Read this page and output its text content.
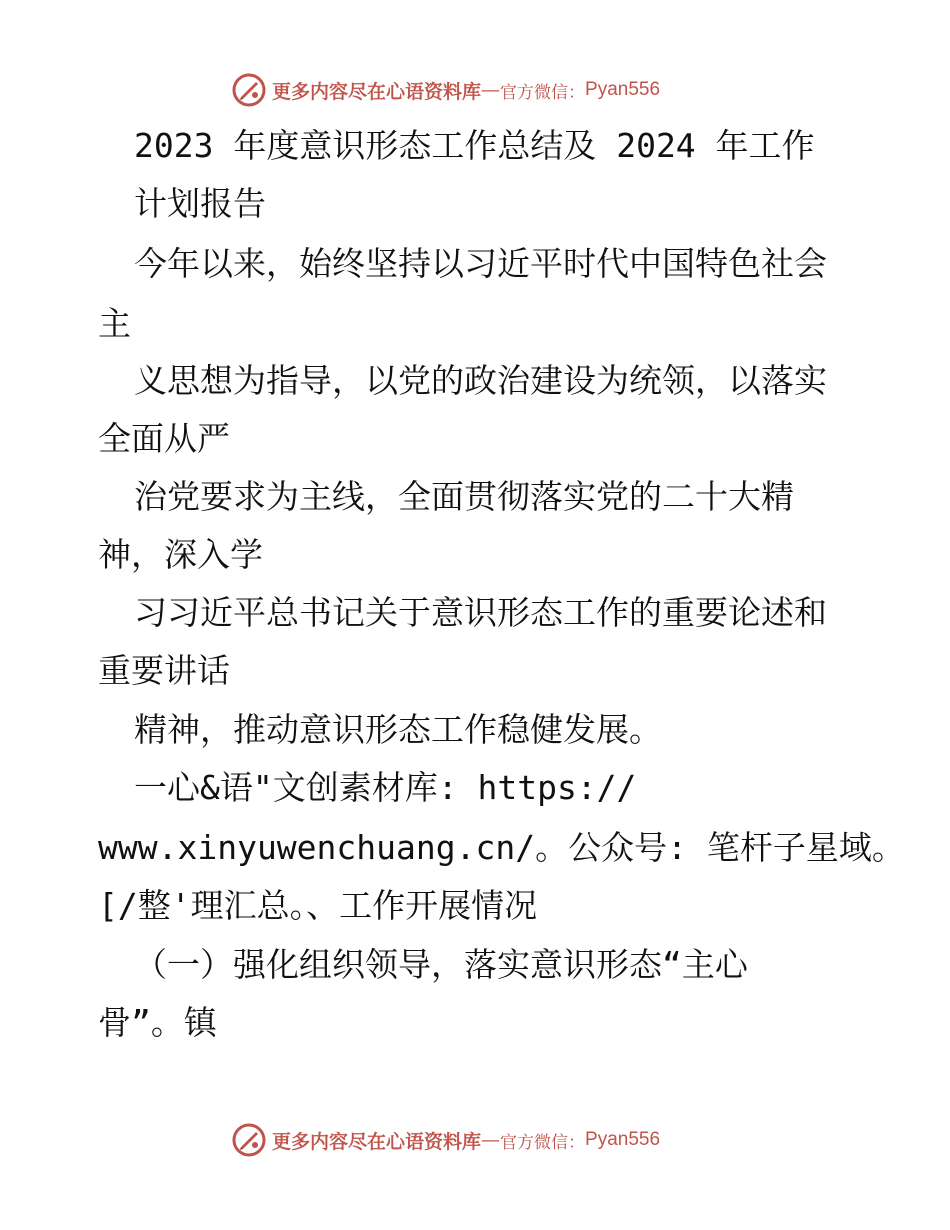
更多内容尽在心语资料库 — 官方微信： Pyan556
2023 年度意识形态工作总结及 2024 年工作
计划报告
今年以来，始终坚持以习近平时代中国特色社会
主
义思想为指导，以党的政治建设为统领，以落实
全面从严
治党要求为主线，全面贯彻落实党的二十大精
神，深入学
习习近平总书记关于意识形态工作的重要论述和
重要讲话
精神，推动意识形态工作稳健发展。
一心&语"文创素材库: https://
www.xinyuwenchuang.cn/。公众号: 笔杆子星域。
[/整'理汇总。、工作开展情况
（一）强化组织领导，落实意识形态“主心
骨”。镇
更多内容尽在心语资料库 — 官方微信： Pyan556
